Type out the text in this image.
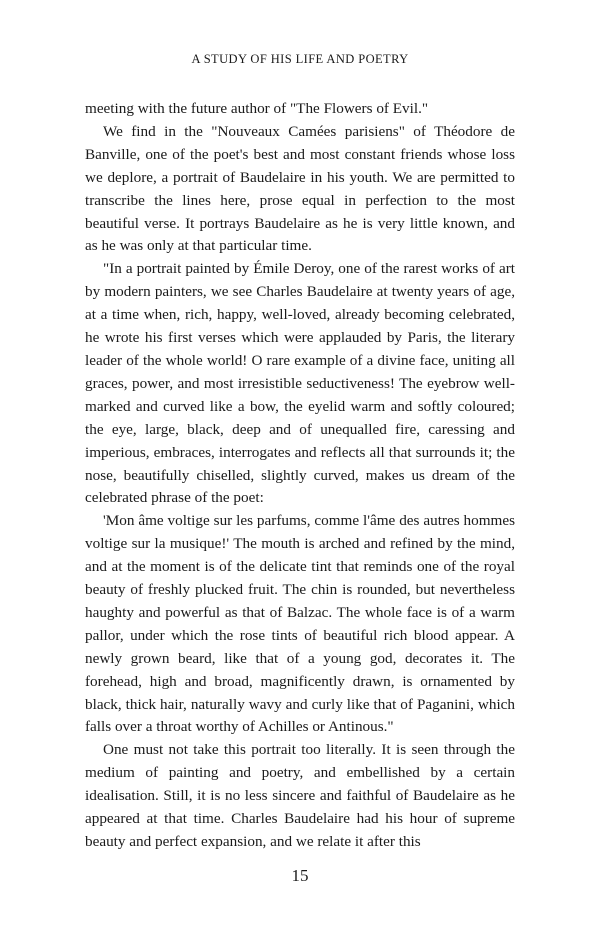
A STUDY OF HIS LIFE AND POETRY

meeting with the future author of "The Flowers of Evil."

We find in the "Nouveaux Camées parisiens" of Théodore de Banville, one of the poet's best and most constant friends whose loss we deplore, a portrait of Baudelaire in his youth. We are permitted to transcribe the lines here, prose equal in perfection to the most beautiful verse. It portrays Baudelaire as he is very little known, and as he was only at that particular time.

"In a portrait painted by Émile Deroy, one of the rarest works of art by modern painters, we see Charles Baudelaire at twenty years of age, at a time when, rich, happy, well-loved, already becoming celebrated, he wrote his first verses which were applauded by Paris, the literary leader of the whole world! O rare example of a divine face, uniting all graces, power, and most irresistible seductiveness! The eyebrow well-marked and curved like a bow, the eyelid warm and softly coloured; the eye, large, black, deep and of unequalled fire, caressing and imperious, embraces, interrogates and reflects all that surrounds it; the nose, beautifully chiselled, slightly curved, makes us dream of the celebrated phrase of the poet:

'Mon âme voltige sur les parfums, comme l'âme des autres hommes voltige sur la musique!' The mouth is arched and refined by the mind, and at the moment is of the delicate tint that reminds one of the royal beauty of freshly plucked fruit. The chin is rounded, but nevertheless haughty and powerful as that of Balzac. The whole face is of a warm pallor, under which the rose tints of beautiful rich blood appear. A newly grown beard, like that of a young god, decorates it. The forehead, high and broad, magnificently drawn, is ornamented by black, thick hair, naturally wavy and curly like that of Paganini, which falls over a throat worthy of Achilles or Antinous."

One must not take this portrait too literally. It is seen through the medium of painting and poetry, and embellished by a certain idealisation. Still, it is no less sincere and faithful of Baudelaire as he appeared at that time. Charles Baudelaire had his hour of supreme beauty and perfect expansion, and we relate it after this

15
